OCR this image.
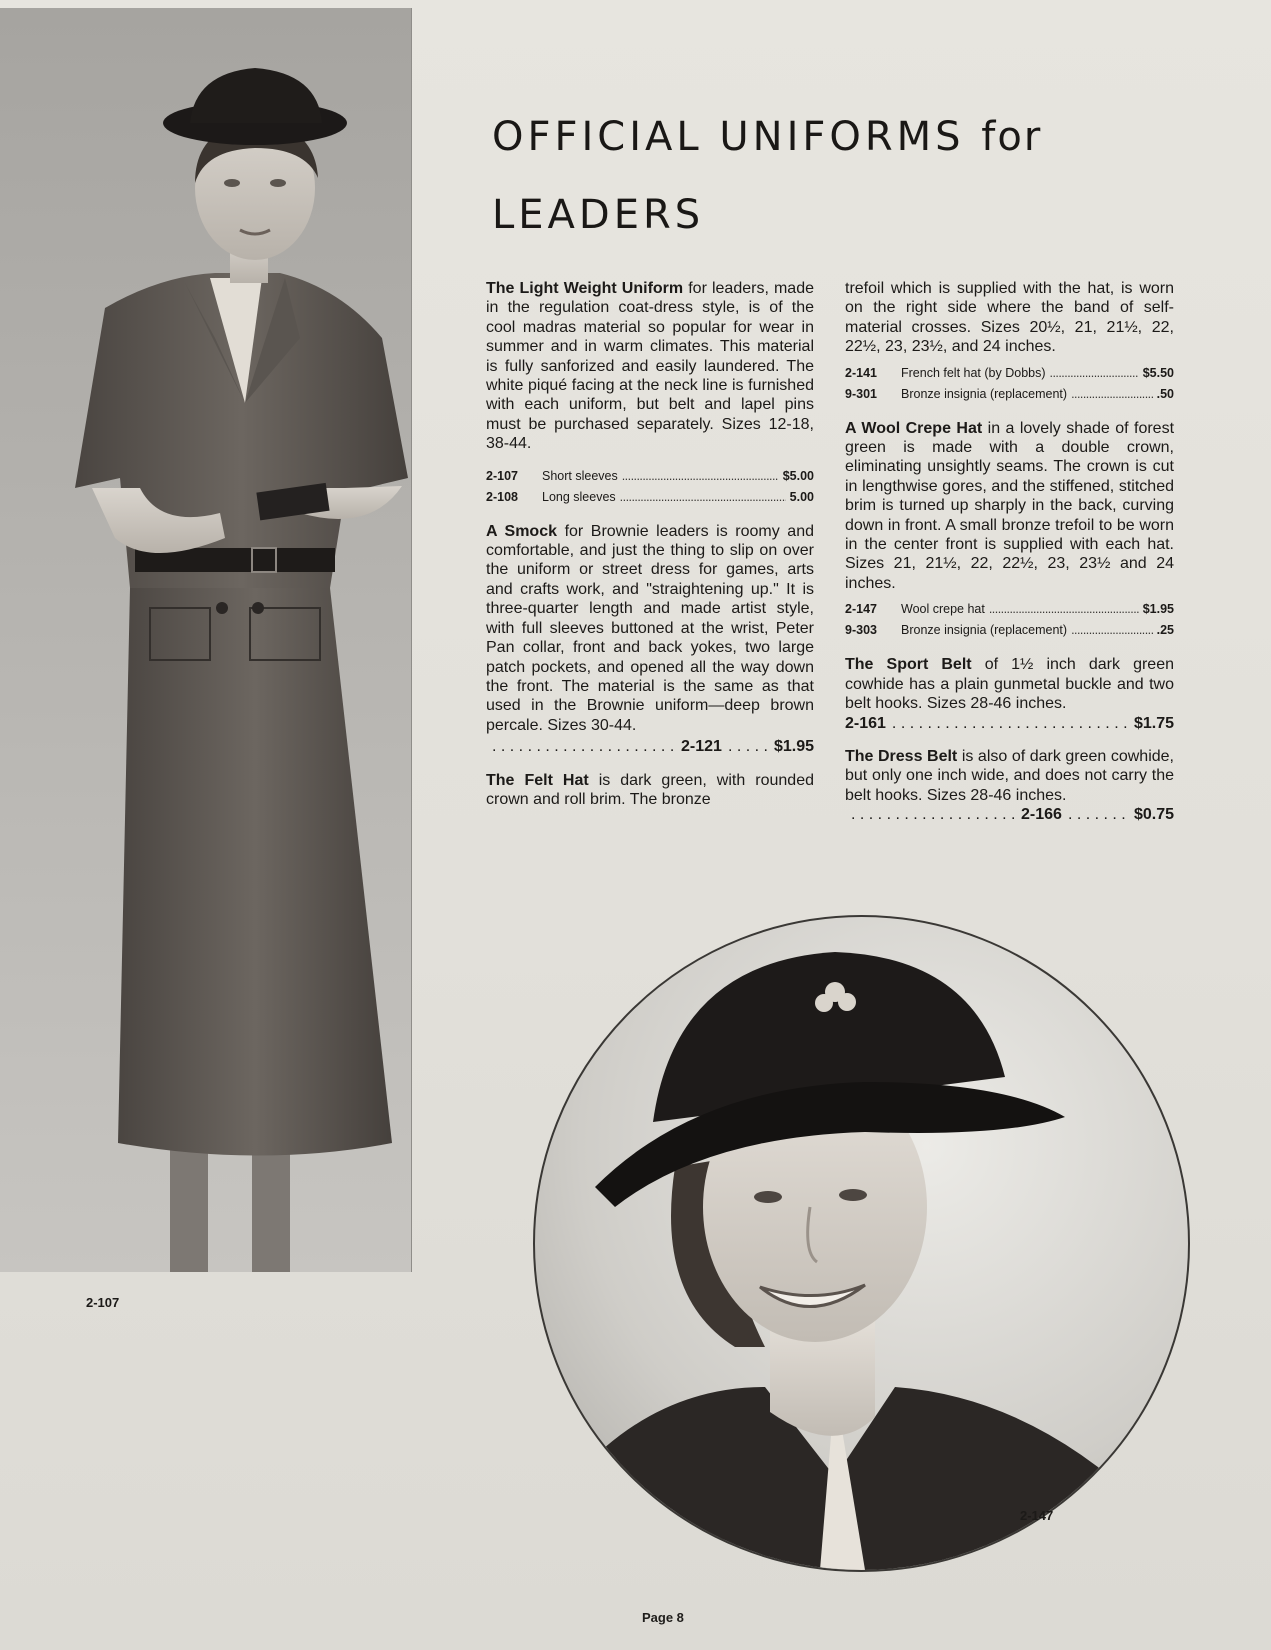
2-107
OFFICIAL UNIFORMS for
LEADERS

The Light Weight Uniform for leaders, made in the regulation coat-dress style, is of the cool madras material so popular for wear in summer and in warm climates. This material is fully sanforized and easily laundered. The white piqué facing at the neck line is furnished with each uniform, but belt and lapel pins must be purchased separately. Sizes 12-18, 38-44.

2-107	Short sleeves . . .	$5.00
2-108	Long sleeves . . .	5.00

A Smock for Brownie leaders is roomy and comfortable, and just the thing to slip on over the uniform or street dress for games, arts and crafts work, and "straightening up." It is three-quarter length and made artist style, with full sleeves buttoned at the wrist, Peter Pan collar, front and back yokes, two large patch pockets, and opened all the way down the front. The material is the same as that used in the Brownie uniform—deep brown percale. Sizes 30-44.

. . .
2-121 . . .	$1.95

The Felt Hat is dark green, with rounded crown and roll brim. The bronze

trefoil which is supplied with the hat, is worn on the right side where the band of self-material crosses. Sizes 20½, 21, 21½, 22, 22½, 23, 23½, and 24 inches.

2-141	French felt hat (by Dobbs) . . .	$5.50
9-301	Bronze insignia (replacement) . . .	.50

A Wool Crepe Hat in a lovely shade of forest green is made with a double crown, eliminating unsightly seams. The crown is cut in lengthwise gores, and the stiffened, stitched brim is turned up sharply in the back, curving down in front. A small bronze trefoil to be worn in the center front is supplied with each hat. Sizes 21, 21½, 22, 22½, 23, 23½ and 24 inches.

2-147	Wool crepe hat . . .	$1.95
9-303	Bronze insignia (replacement) . . .	.25

The Sport Belt of 1½ inch dark green cowhide has a plain gunmetal buckle and two belt hooks. Sizes 28-46 inches.

2-161 . . .	$1.75

The Dress Belt is also of dark green cowhide, but only one inch wide, and does not carry the belt hooks. Sizes 28-46 inches.

. . .
2-166 . . .	$0.75
2-147
Page 8
